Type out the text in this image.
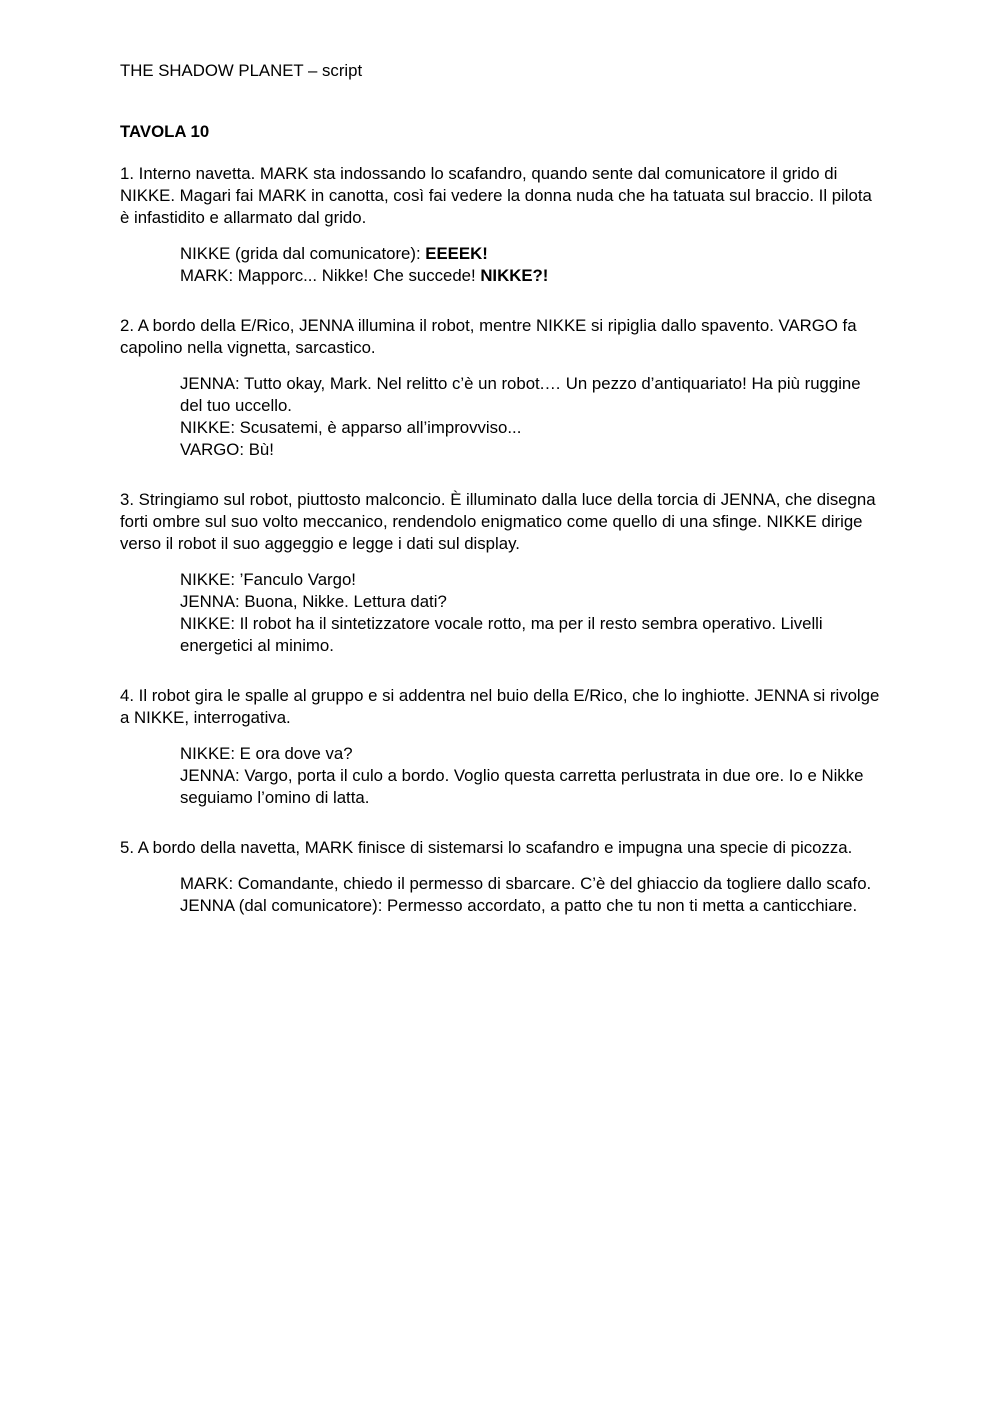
THE SHADOW PLANET – script

TAVOLA 10

1. Interno navetta. MARK sta indossando lo scafandro, quando sente dal comunicatore il grido di NIKKE. Magari fai MARK in canotta, così fai vedere la donna nuda che ha tatuata sul braccio. Il pilota è infastidito e allarmato dal grido.

NIKKE (grida dal comunicatore): EEEEK!
MARK: Mapporc... Nikke! Che succede! NIKKE?!

2. A bordo della E/Rico, JENNA illumina il robot, mentre NIKKE si ripiglia dallo spavento. VARGO fa capolino nella vignetta, sarcastico.

JENNA: Tutto okay, Mark. Nel relitto c’è un robot.… Un pezzo d’antiquariato! Ha più ruggine del tuo uccello.
NIKKE: Scusatemi, è apparso all’improvviso...
VARGO: Bù!

3. Stringiamo sul robot, piuttosto malconcio. È illuminato dalla luce della torcia di JENNA, che disegna forti ombre sul suo volto meccanico, rendendolo enigmatico come quello di una sfinge. NIKKE dirige verso il robot il suo aggeggio e legge i dati sul display.

NIKKE: ’Fanculo Vargo!
JENNA: Buona, Nikke. Lettura dati?
NIKKE: Il robot ha il sintetizzatore vocale rotto, ma per il resto sembra operativo. Livelli energetici al minimo.

4. Il robot gira le spalle al gruppo e si addentra nel buio della E/Rico, che lo inghiotte. JENNA si rivolge a NIKKE, interrogativa.

NIKKE: E ora dove va?
JENNA: Vargo, porta il culo a bordo. Voglio questa carretta perlustrata in due ore. Io e Nikke seguiamo l’omino di latta.

5. A bordo della navetta, MARK finisce di sistemarsi lo scafandro e impugna una specie di picozza.

MARK: Comandante, chiedo il permesso di sbarcare. C’è del ghiaccio da togliere dallo scafo.
JENNA (dal comunicatore): Permesso accordato, a patto che tu non ti metta a canticchiare.
